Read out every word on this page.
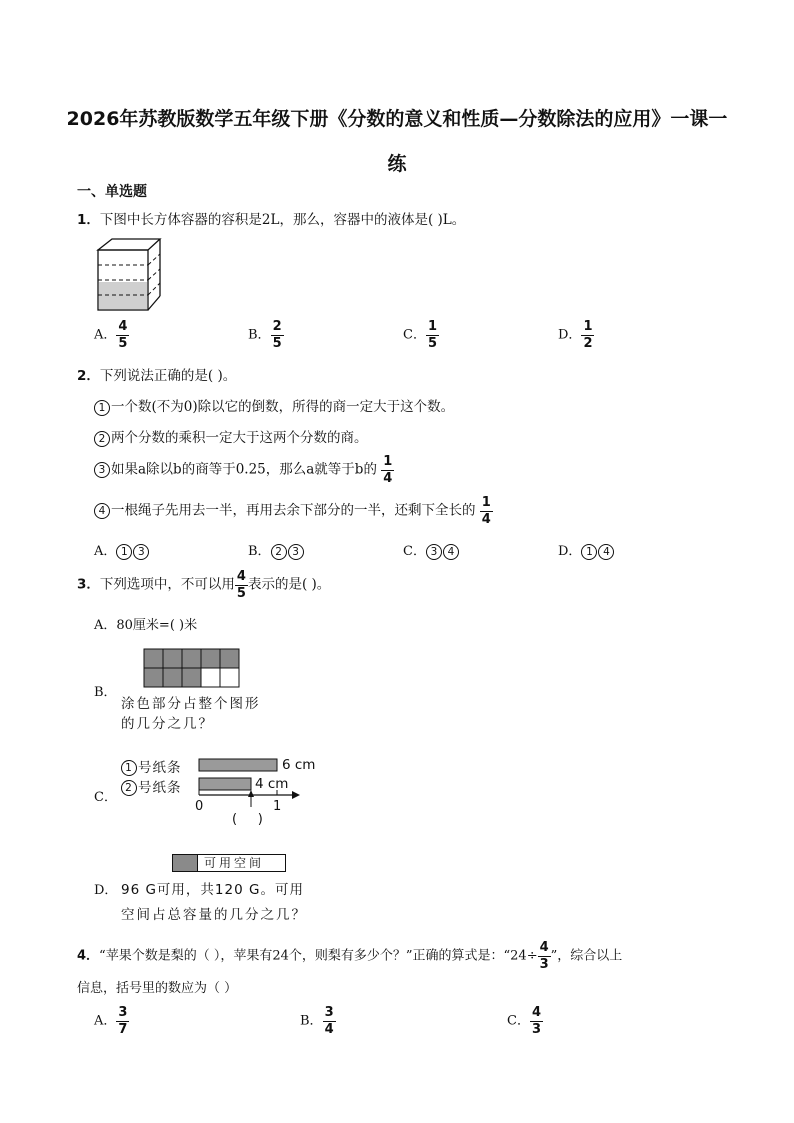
2026年苏教版数学五年级下册《分数的意义和性质—分数除法的应用》一课一
练
一、单选题
1．下图中长方体容器的容积是2L，那么，容器中的液体是( )L。
A． $\frac{4}{5}$	B． $\frac{2}{5}$	C． $\frac{1}{5}$	D． $\frac{1}{2}$
2．下列说法正确的是( )。
1 一个数(不为0)除以它的倒数，所得的商一定大于这个数。
2 两个分数的乘积一定大于这两个分数的商。
3 如果a除以b的商等于0.25，那么a就等于b的 $\frac{1}{4}$
4 一根绳子先用去一半，再用去余下部分的一半，还剩下全长的 $\frac{1}{4}$
A． 1 3	B． 2 3	C． 3 4	D． 1 4
3．下列选项中，不可以用 $\frac{4}{5}$ 表示的是( )。
A．80厘米=( )米
B．
涂色部分占整个图形
的几分之几？
C．
1 号纸条
2 号纸条
6 cm
4 cm
0	1
(     )
可用空间
D． 96 G可用，共120 G。可用
空间占总容量的几分之几？
4．“苹果个数是梨的（ ），苹果有24个，则梨有多少个？”正确的算式是：“$24\div \frac{4}{3}$ ”，综合以上
信息，括号里的数应为（ ）
A． $\frac{3}{7}$	B． $\frac{3}{4}$	C． $\frac{4}{3}$
